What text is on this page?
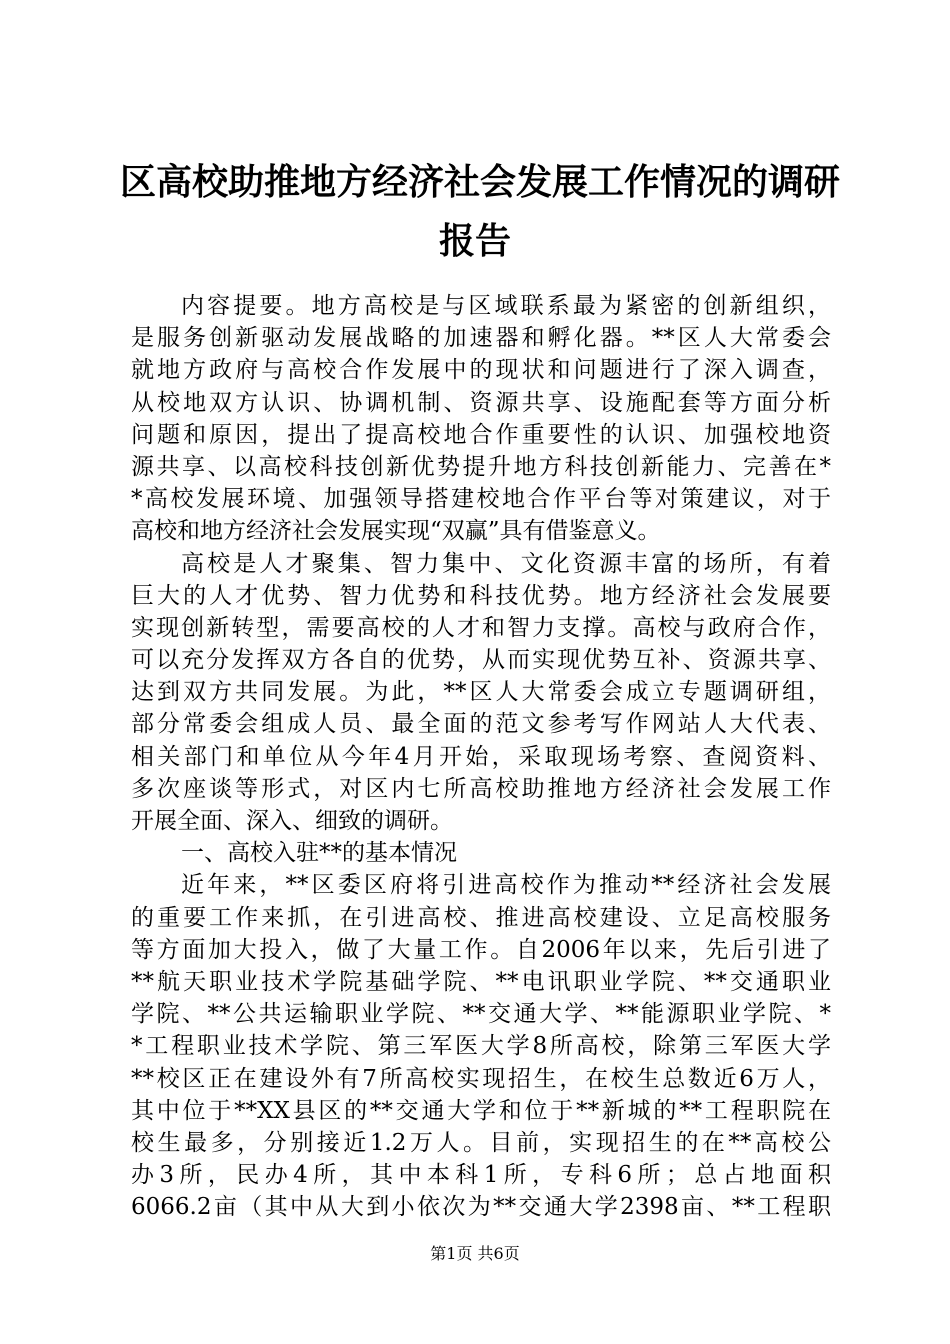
区高校助推地方经济社会发展工作情况的调研
报告
内容提要。地方高校是与区域联系最为紧密的创新组织，
是服务创新驱动发展战略的加速器和孵化器。**区人大常委会
就地方政府与高校合作发展中的现状和问题进行了深入调查，
从校地双方认识、协调机制、资源共享、设施配套等方面分析
问题和原因，提出了提高校地合作重要性的认识、加强校地资
源共享、以高校科技创新优势提升地方科技创新能力、完善在*
*高校发展环境、加强领导搭建校地合作平台等对策建议，对于
高校和地方经济社会发展实现“双赢”具有借鉴意义。
高校是人才聚集、智力集中、文化资源丰富的场所，有着
巨大的人才优势、智力优势和科技优势。地方经济社会发展要
实现创新转型，需要高校的人才和智力支撑。高校与政府合作，
可以充分发挥双方各自的优势，从而实现优势互补、资源共享、
达到双方共同发展。为此，**区人大常委会成立专题调研组，
部分常委会组成人员、最全面的范文参考写作网站人大代表、
相关部门和单位从今年4月开始，采取现场考察、查阅资料、
多次座谈等形式，对区内七所高校助推地方经济社会发展工作
开展全面、深入、细致的调研。
一、高校入驻**的基本情况
近年来，**区委区府将引进高校作为推动**经济社会发展
的重要工作来抓，在引进高校、推进高校建设、立足高校服务
等方面加大投入，做了大量工作。自2006年以来，先后引进了
**航天职业技术学院基础学院、**电讯职业学院、**交通职业
学院、**公共运输职业学院、**交通大学、**能源职业学院、*
*工程职业技术学院、第三军医大学8所高校，除第三军医大学
**校区正在建设外有7所高校实现招生，在校生总数近6万人，
其中位于**XX县区的**交通大学和位于**新城的**工程职院在
校生最多，分别接近1.2万人。目前，实现招生的在**高校公
办3所，民办4所，其中本科1所，专科6所；总占地面积
6066.2亩（其中从大到小依次为**交通大学2398亩、**工程职
第1页 共6页
